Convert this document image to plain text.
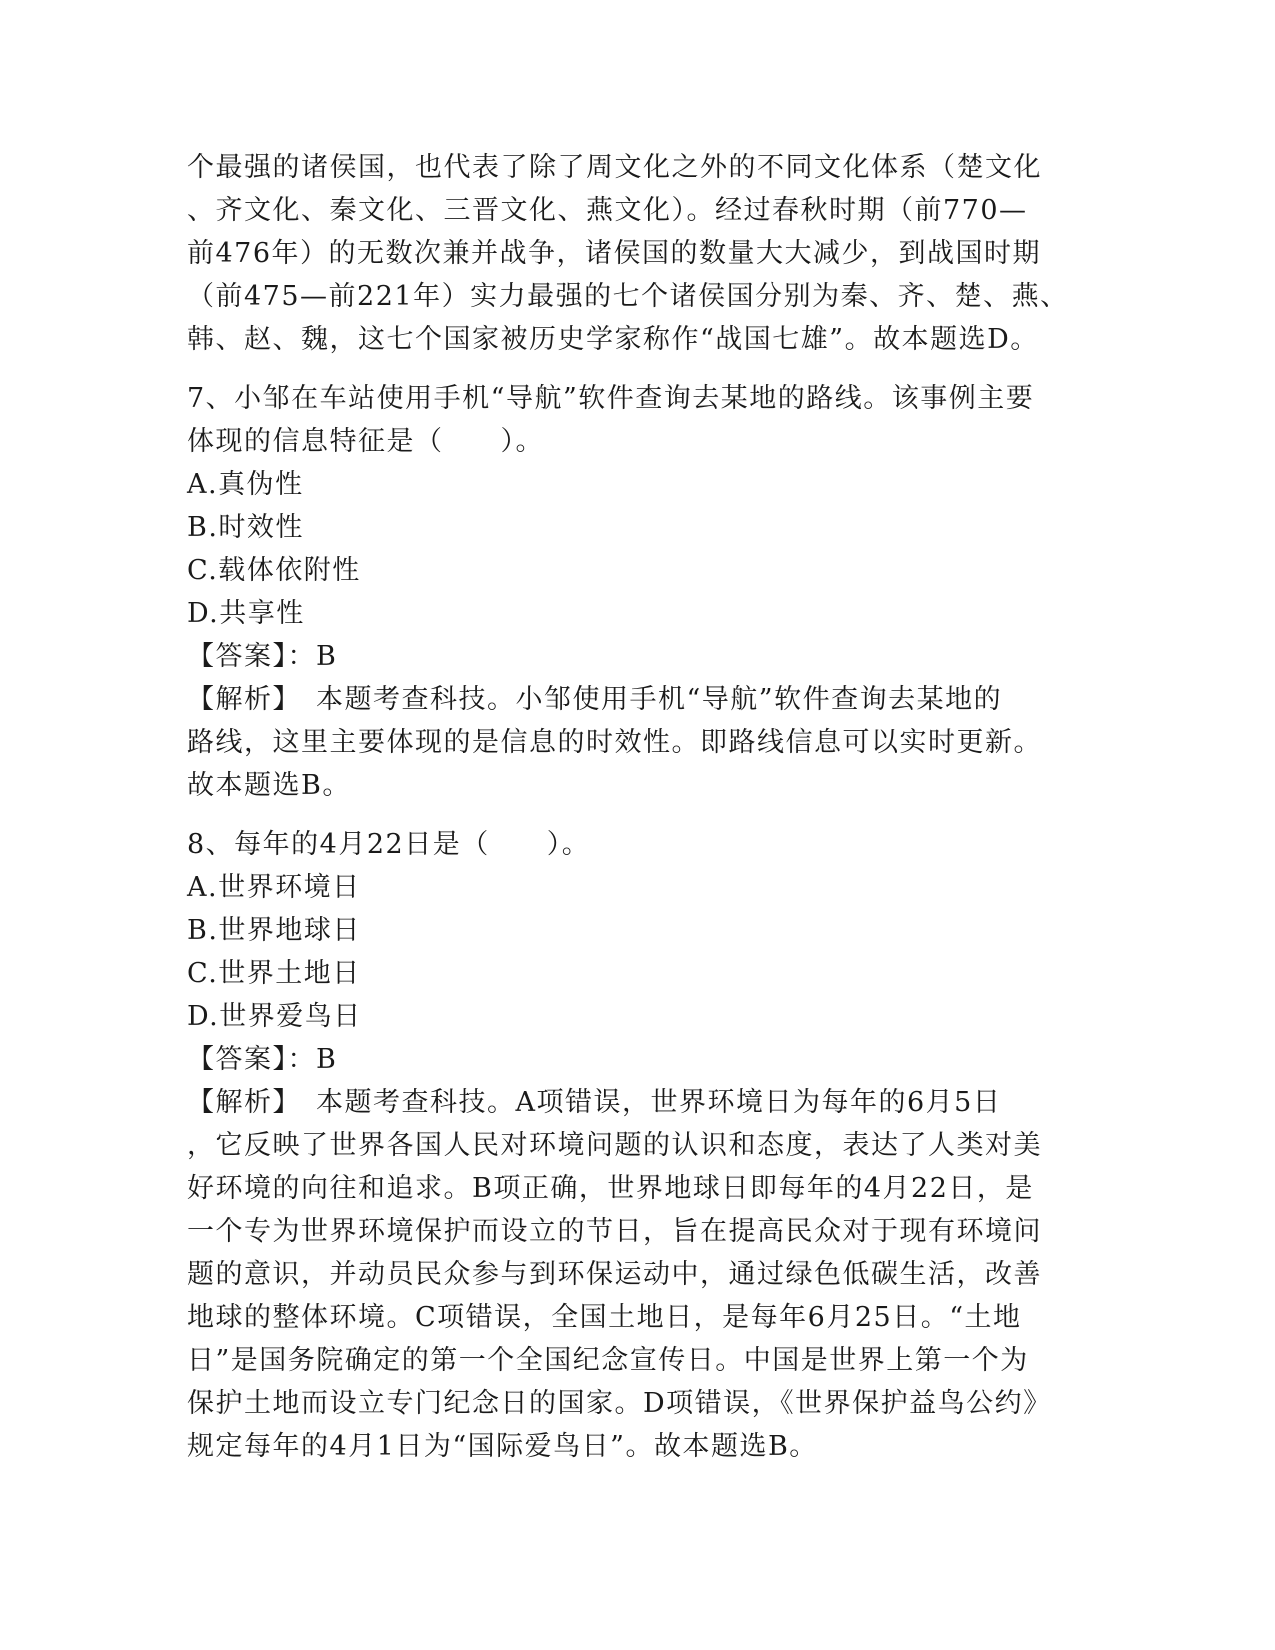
个最强的诸侯国，也代表了除了周文化之外的不同文化体系（楚文化
、齐文化、秦文化、三晋文化、燕文化）。经过春秋时期（前770—
前476年）的无数次兼并战争，诸侯国的数量大大减少，到战国时期
（前475—前221年）实力最强的七个诸侯国分别为秦、齐、楚、燕、
韩、赵、魏，这七个国家被历史学家称作“战国七雄”。故本题选D。
7、小邹在车站使用手机“导航”软件查询去某地的路线。该事例主要
体现的信息特征是（　　）。
A.真伪性
B.时效性
C.载体依附性
D.共享性
【答案】：B
【解析】　本题考查科技。小邹使用手机“导航”软件查询去某地的
路线，这里主要体现的是信息的时效性。即路线信息可以实时更新。
故本题选B。
8、每年的4月22日是（　　）。
A.世界环境日
B.世界地球日
C.世界土地日
D.世界爱鸟日
【答案】：B
【解析】　本题考查科技。A项错误，世界环境日为每年的6月5日
，它反映了世界各国人民对环境问题的认识和态度，表达了人类对美
好环境的向往和追求。B项正确，世界地球日即每年的4月22日，是
一个专为世界环境保护而设立的节日，旨在提高民众对于现有环境问
题的意识，并动员民众参与到环保运动中，通过绿色低碳生活，改善
地球的整体环境。C项错误，全国土地日，是每年6月25日。“土地
日”是国务院确定的第一个全国纪念宣传日。中国是世界上第一个为
保护土地而设立专门纪念日的国家。D项错误，《世界保护益鸟公约》
规定每年的4月1日为“国际爱鸟日”。故本题选B。
